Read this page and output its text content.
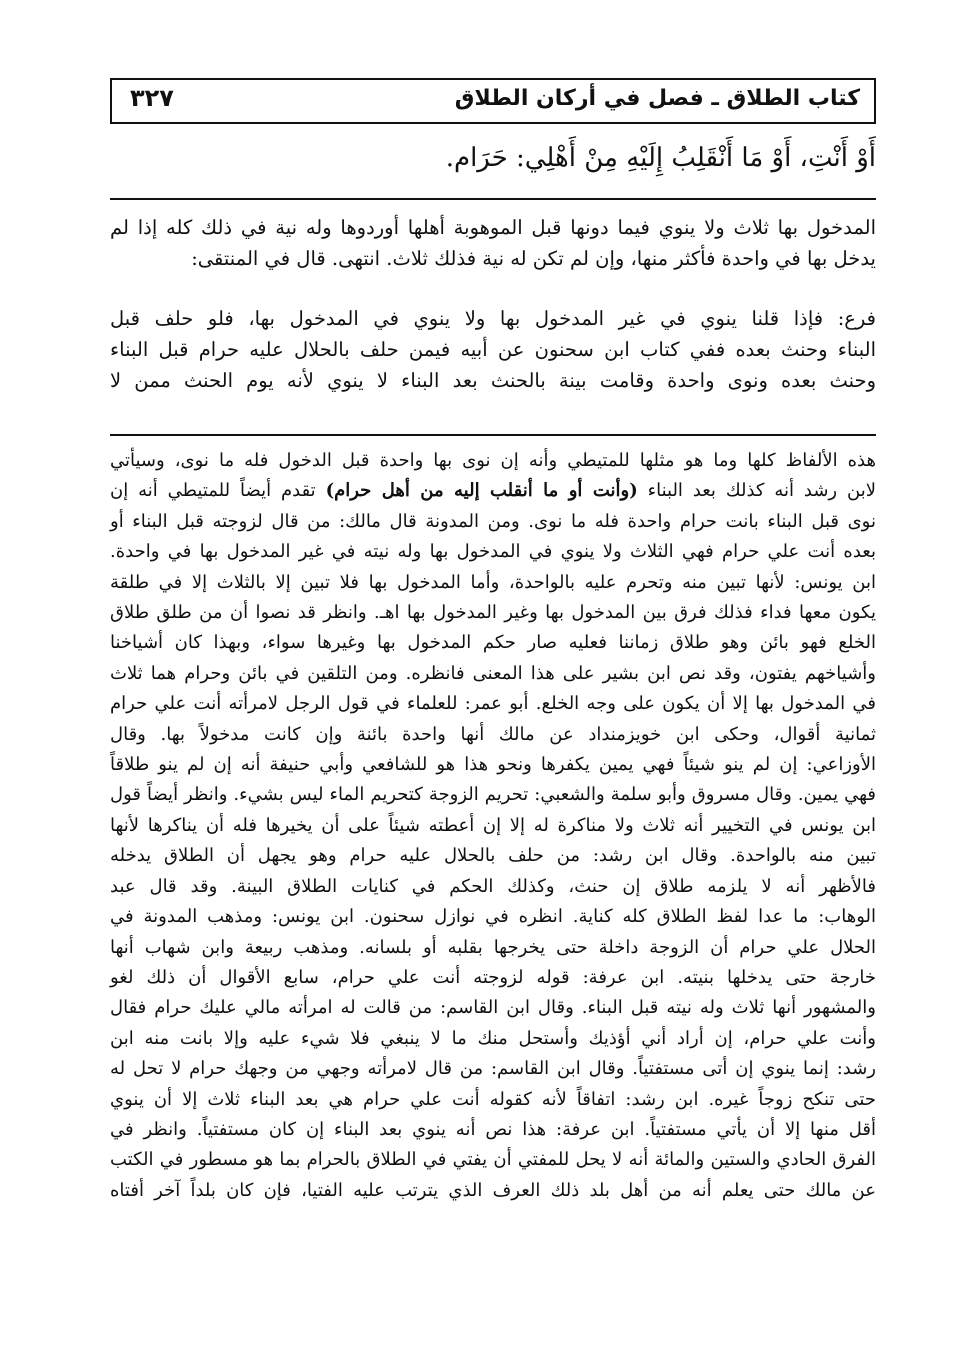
كتاب الطلاق ـ فصل في أركان الطلاق
٣٢٧
أَوْ أَنْتِ، أَوْ مَا أَنْقَلِبُ إِلَيْهِ مِنْ أَهْلِي: حَرَام.

المدخول بها ثلاث ولا ينوي فيما دونها قبل الموهوبة أهلها أوردوها وله نية في ذلك كله إذا لم

يدخل بها في واحدة فأكثر منها، وإن لم تكن له نية فذلك ثلاث. انتهى. قال في المنتقى:

فرع: فإذا قلنا ينوي في غير المدخول بها ولا ينوي في المدخول بها، فلو حلف قبل

البناء وحنث بعده ففي كتاب ابن سحنون عن أبيه فيمن حلف بالحلال عليه حرام قبل البناء

وحنث بعده ونوى واحدة وقامت بينة بالحنث بعد البناء لا ينوي لأنه يوم الحنث ممن لا

هذه الألفاظ كلها وما هو مثلها للمتيطي وأنه إن نوى بها واحدة قبل الدخول فله ما نوى، وسيأتي

لابن رشد أنه كذلك بعد البناء (وأنت أو ما أنقلب إليه من أهل حرام) تقدم أيضاً للمتيطي أنه إن

نوى قبل البناء بانت حرام واحدة فله ما نوى. ومن المدونة قال مالك: من قال لزوجته قبل البناء أو

بعده أنت علي حرام فهي الثلاث ولا ينوي في المدخول بها وله نيته في غير المدخول بها في واحدة.

ابن يونس: لأنها تبين منه وتحرم عليه بالواحدة، وأما المدخول بها فلا تبين إلا بالثلاث إلا في طلقة

يكون معها فداء فذلك فرق بين المدخول بها وغير المدخول بها اهـ. وانظر قد نصوا أن من طلق طلاق

الخلع فهو بائن وهو طلاق زماننا فعليه صار حكم المدخول بها وغيرها سواء، وبهذا كان أشياخنا

وأشياخهم يفتون، وقد نص ابن بشير على هذا المعنى فانظره. ومن التلقين في بائن وحرام هما ثلاث

في المدخول بها إلا أن يكون على وجه الخلع. أبو عمر: للعلماء في قول الرجل لامرأته أنت علي حرام

ثمانية أقوال، وحكى ابن خويزمنداد عن مالك أنها واحدة بائنة وإن كانت مدخولاً بها. وقال

الأوزاعي: إن لم ينو شيئاً فهي يمين يكفرها ونحو هذا هو للشافعي وأبي حنيفة أنه إن لم ينو طلاقاً

فهي يمين. وقال مسروق وأبو سلمة والشعبي: تحريم الزوجة كتحريم الماء ليس بشيء. وانظر أيضاً قول

ابن يونس في التخيير أنه ثلاث ولا مناكرة له إلا إن أعطته شيئاً على أن يخيرها فله أن يناكرها لأنها

تبين منه بالواحدة. وقال ابن رشد: من حلف بالحلال عليه حرام وهو يجهل أن الطلاق يدخله

فالأظهر أنه لا يلزمه طلاق إن حنث، وكذلك الحكم في كنايات الطلاق البينة. وقد قال عبد

الوهاب: ما عدا لفظ الطلاق كله كناية. انظره في نوازل سحنون. ابن يونس: ومذهب المدونة في

الحلال علي حرام أن الزوجة داخلة حتى يخرجها بقلبه أو بلسانه. ومذهب ربيعة وابن شهاب أنها

خارجة حتى يدخلها بنيته. ابن عرفة: قوله لزوجته أنت علي حرام، سابع الأقوال أن ذلك لغو

والمشهور أنها ثلاث وله نيته قبل البناء. وقال ابن القاسم: من قالت له امرأته مالي عليك حرام فقال

وأنت علي حرام، إن أراد أني أؤذيك وأستحل منك ما لا ينبغي فلا شيء عليه وإلا بانت منه ابن

رشد: إنما ينوي إن أتى مستفتياً. وقال ابن القاسم: من قال لامرأته وجهي من وجهك حرام لا تحل له

حتى تنكح زوجاً غيره. ابن رشد: اتفاقاً لأنه كقوله أنت علي حرام هي بعد البناء ثلاث إلا أن ينوي

أقل منها إلا أن يأتي مستفتياً. ابن عرفة: هذا نص أنه ينوي بعد البناء إن كان مستفتياً. وانظر في

الفرق الحادي والستين والمائة أنه لا يحل للمفتي أن يفتي في الطلاق بالحرام بما هو مسطور في الكتب

عن مالك حتى يعلم أنه من أهل بلد ذلك العرف الذي يترتب عليه الفتيا، فإن كان بلداً آخر أفتاه
